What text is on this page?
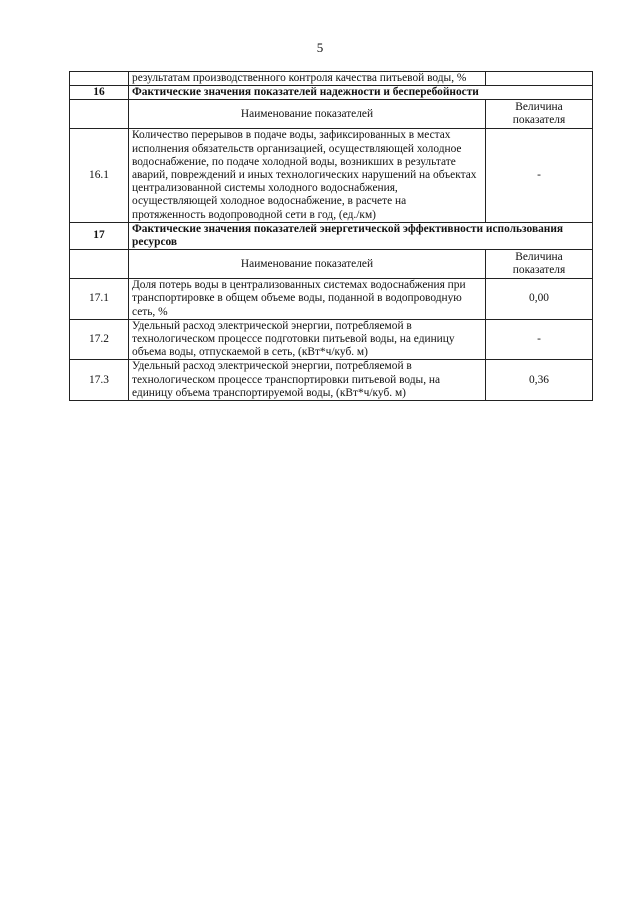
5
	результатам производственного контроля качества питьевой воды, %	
16	Фактические значения показателей надежности и бесперебойности	
	Наименование показателей	Величина показателя
16.1	Количество перерывов в подаче воды, зафиксированных в местах исполнения обязательств организацией, осуществляющей холодное водоснабжение, по подаче холодной воды, возникших в результате аварий, повреждений и иных технологических нарушений на объектах централизованной системы холодного водоснабжения, осуществляющей холодное водоснабжение, в расчете на протяженность водопроводной сети в год, (ед./км)	-
17	Фактические значения показателей энергетической эффективности использования ресурсов	
	Наименование показателей	Величина показателя
17.1	Доля потерь воды в централизованных системах водоснабжения при транспортировке в общем объеме воды, поданной в водопроводную сеть, %	0,00
17.2	Удельный расход электрической энергии, потребляемой в технологическом процессе подготовки питьевой воды, на единицу объема воды, отпускаемой в сеть, (кВт*ч/куб. м)	-
17.3	Удельный расход электрической энергии, потребляемой в технологическом процессе транспортировки питьевой воды, на единицу объема транспортируемой воды, (кВт*ч/куб. м)	0,36
